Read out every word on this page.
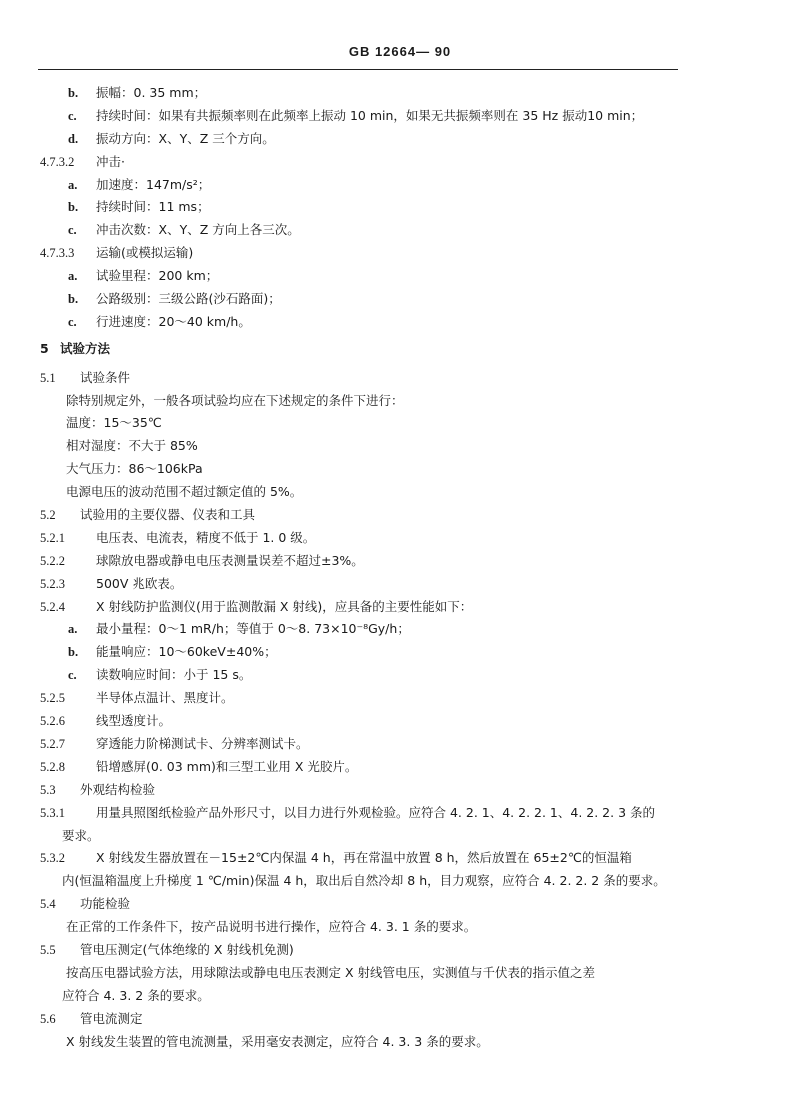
GB 12664— 90
b. 振幅：0. 35 mm；
c. 持续时间：如果有共振频率则在此频率上振动 10 min，如果无共振频率则在 35 Hz 振动10 min；
d. 振动方向：X、Y、Z 三个方向。
4.7.3.2 冲击·
a. 加速度：147m/s²；
b. 持续时间：11 ms；
c. 冲击次数：X、Y、Z 方向上各三次。
4.7.3.3 运输(或模拟运输)
a. 试验里程：200 km；
b. 公路级别：三级公路(沙石路面)；
c. 行进速度：20～40 km/h。
5 试验方法
5.1 试验条件
除特别规定外，一般各项试验均应在下述规定的条件下进行：
温度：15～35℃
相对湿度：不大于 85%
大气压力：86～106kPa
电源电压的波动范围不超过额定值的 5%。
5.2 试验用的主要仪器、仪表和工具
5.2.1 电压表、电流表，精度不低于 1. 0 级。
5.2.2 球隙放电器或静电电压表测量误差不超过±3%。
5.2.3 500V 兆欧表。
5.2.4 X 射线防护监测仪(用于监测散漏 X 射线)，应具备的主要性能如下：
a. 最小量程：0～1 mR/h；等值于 0～8. 73×10⁻⁸Gy/h；
b. 能量响应：10～60keV±40%；
c. 读数响应时间：小于 15 s。
5.2.5 半导体点温计、黑度计。
5.2.6 线型透度计。
5.2.7 穿透能力阶梯测试卡、分辨率测试卡。
5.2.8 铅增感屏(0. 03 mm)和三型工业用 X 光胶片。
5.3 外观结构检验
5.3.1 用量具照图纸检验产品外形尺寸，以目力进行外观检验。应符合 4. 2. 1、4. 2. 2. 1、4. 2. 2. 3 条的
要求。
5.3.2 X 射线发生器放置在－15±2℃内保温 4 h，再在常温中放置 8 h，然后放置在 65±2℃的恒温箱
内(恒温箱温度上升梯度 1 ℃/min)保温 4 h，取出后自然冷却 8 h，目力观察，应符合 4. 2. 2. 2 条的要求。
5.4 功能检验
在正常的工作条件下，按产品说明书进行操作，应符合 4. 3. 1 条的要求。
5.5 管电压测定(气体绝缘的 X 射线机免测)
按高压电器试验方法，用球隙法或静电电压表测定 X 射线管电压，实测值与千伏表的指示值之差
应符合 4. 3. 2 条的要求。
5.6 管电流测定
X 射线发生装置的管电流测量，采用毫安表测定，应符合 4. 3. 3 条的要求。
